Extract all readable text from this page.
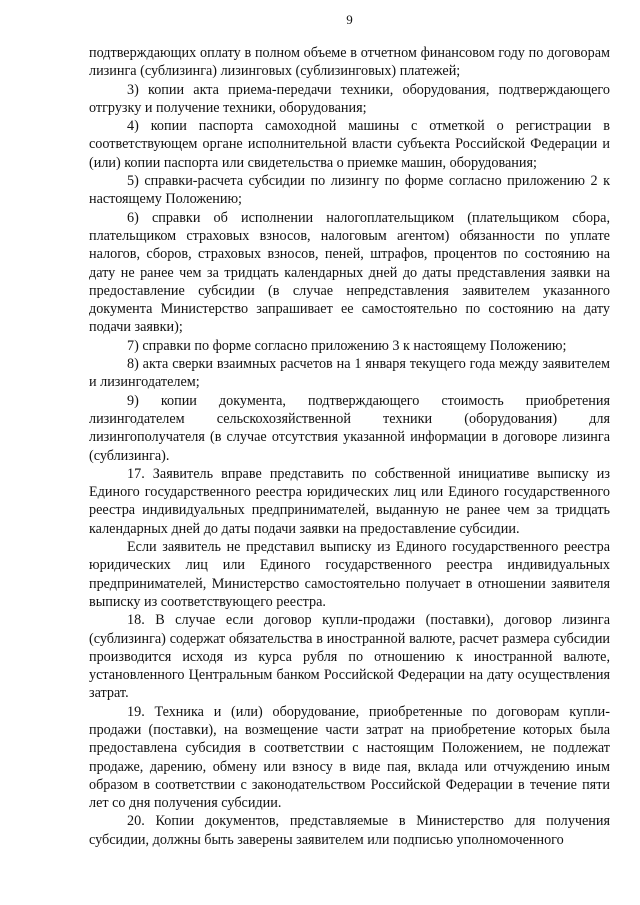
9

подтверждающих оплату в полном объеме в отчетном финансовом году по договорам лизинга (сублизинга) лизинговых (сублизинговых) платежей;

3) копии акта приема-передачи техники, оборудования, подтверждающего отгрузку и получение техники, оборудования;

4) копии паспорта самоходной машины с отметкой о регистрации в соответствующем органе исполнительной власти субъекта Российской Федерации и (или) копии паспорта или свидетельства о приемке машин, оборудования;

5) справки-расчета субсидии по лизингу по форме согласно приложению 2 к настоящему Положению;

6) справки об исполнении налогоплательщиком (плательщиком сбора, плательщиком страховых взносов, налоговым агентом) обязанности по уплате налогов, сборов, страховых взносов, пеней, штрафов, процентов по состоянию на дату не ранее чем за тридцать календарных дней до даты представления заявки на предоставление субсидии (в случае непредставления заявителем указанного документа Министерство запрашивает ее самостоятельно по состоянию на дату подачи заявки);

7) справки по форме согласно приложению 3 к настоящему Положению;

8) акта сверки взаимных расчетов на 1 января текущего года между заявителем и лизингодателем;

9) копии документа, подтверждающего стоимость приобретения лизингодателем сельскохозяйственной техники (оборудования) для лизингополучателя (в случае отсутствия указанной информации в договоре лизинга (сублизинга).

17. Заявитель вправе представить по собственной инициативе выписку из Единого государственного реестра юридических лиц или Единого государственного реестра индивидуальных предпринимателей, выданную не ранее чем за тридцать календарных дней до даты подачи заявки на предоставление субсидии.

Если заявитель не представил выписку из Единого государственного реестра юридических лиц или Единого государственного реестра индивидуальных предпринимателей, Министерство самостоятельно получает в отношении заявителя выписку из соответствующего реестра.

18. В случае если договор купли-продажи (поставки), договор лизинга (сублизинга) содержат обязательства в иностранной валюте, расчет размера субсидии производится исходя из курса рубля по отношению к иностранной валюте, установленного Центральным банком Российской Федерации на дату осуществления затрат.

19. Техника и (или) оборудование, приобретенные по договорам купли-продажи (поставки), на возмещение части затрат на приобретение которых была предоставлена субсидия в соответствии с настоящим Положением, не подлежат продаже, дарению, обмену или взносу в виде пая, вклада или отчуждению иным образом в соответствии с законодательством Российской Федерации в течение пяти лет со дня получения субсидии.

20. Копии документов, представляемые в Министерство для получения субсидии, должны быть заверены заявителем или подписью уполномоченного
